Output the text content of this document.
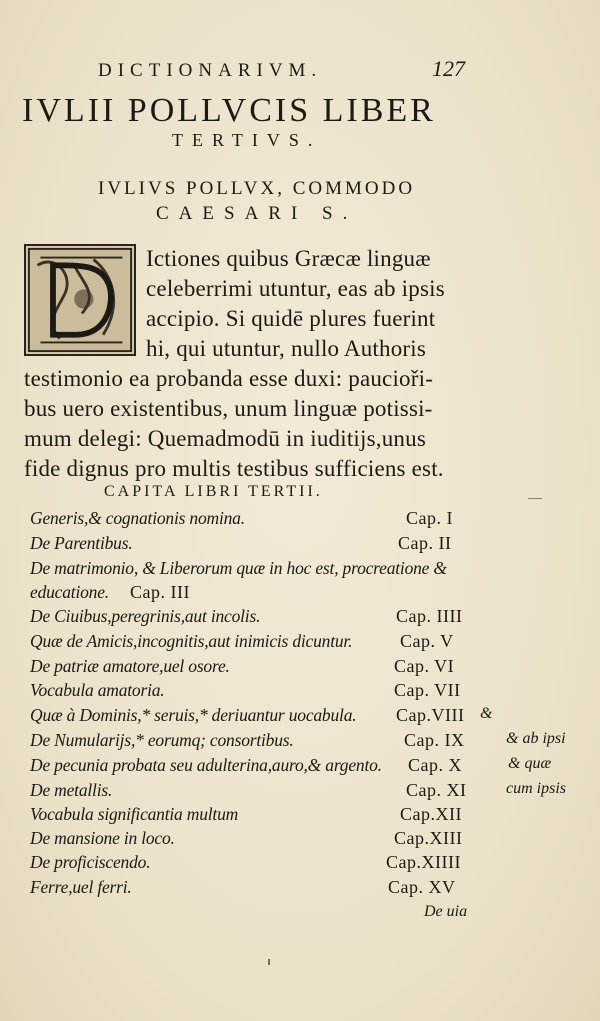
DICTIONARIVM.	127
IVLII POLLVCIS LIBER
TERTIVS.
IVLIVS POLLVX, COMMODO
CAESARI S.
Ictiones quibus Græcæ linguæ
celeberrimi utuntur, eas ab ipsis
accipio. Si quidē plures fuerint
hi, qui utuntur, nullo Authoris
testimonio ea probanda esse duxi: paucioři-
bus uero existentibus, unum linguæ potissi-
mum delegi: Quemadmodū in iuditijs,unus
fide dignus pro multis testibus sufficiens est.
CAPITA LIBRI TERTII.
Generis,& cognationis nomina.	Cap. I
De Parentibus.	Cap. II
De matrimonio, & Liberorum quæ in hoc est, procreatione &
educatione. Cap. III
De Ciuibus,peregrinis,aut incolis.	Cap. IIII
Quæ de Amicis,incognitis,aut inimicis dicuntur.	Cap. V
De patriæ amatore,uel osore.	Cap. VI
Vocabula amatoria.	Cap. VII
Quæ à Dominis,* seruis,* deriuantur uocabula. Cap.VIII &
De Numularijs,* eorumq; consortibus.	Cap. IX	& ab ipsi
De pecunia probata seu adulterina,auro,& argento. Cap. X	& quæ
De metallis.	Cap. XI cum ipsis
Vocabula significantia multum	Cap.XII
De mansione in loco.	Cap.XIII
De proficiscendo.	Cap.XIIII
Ferre,uel ferri.	Cap. XV
De uia
